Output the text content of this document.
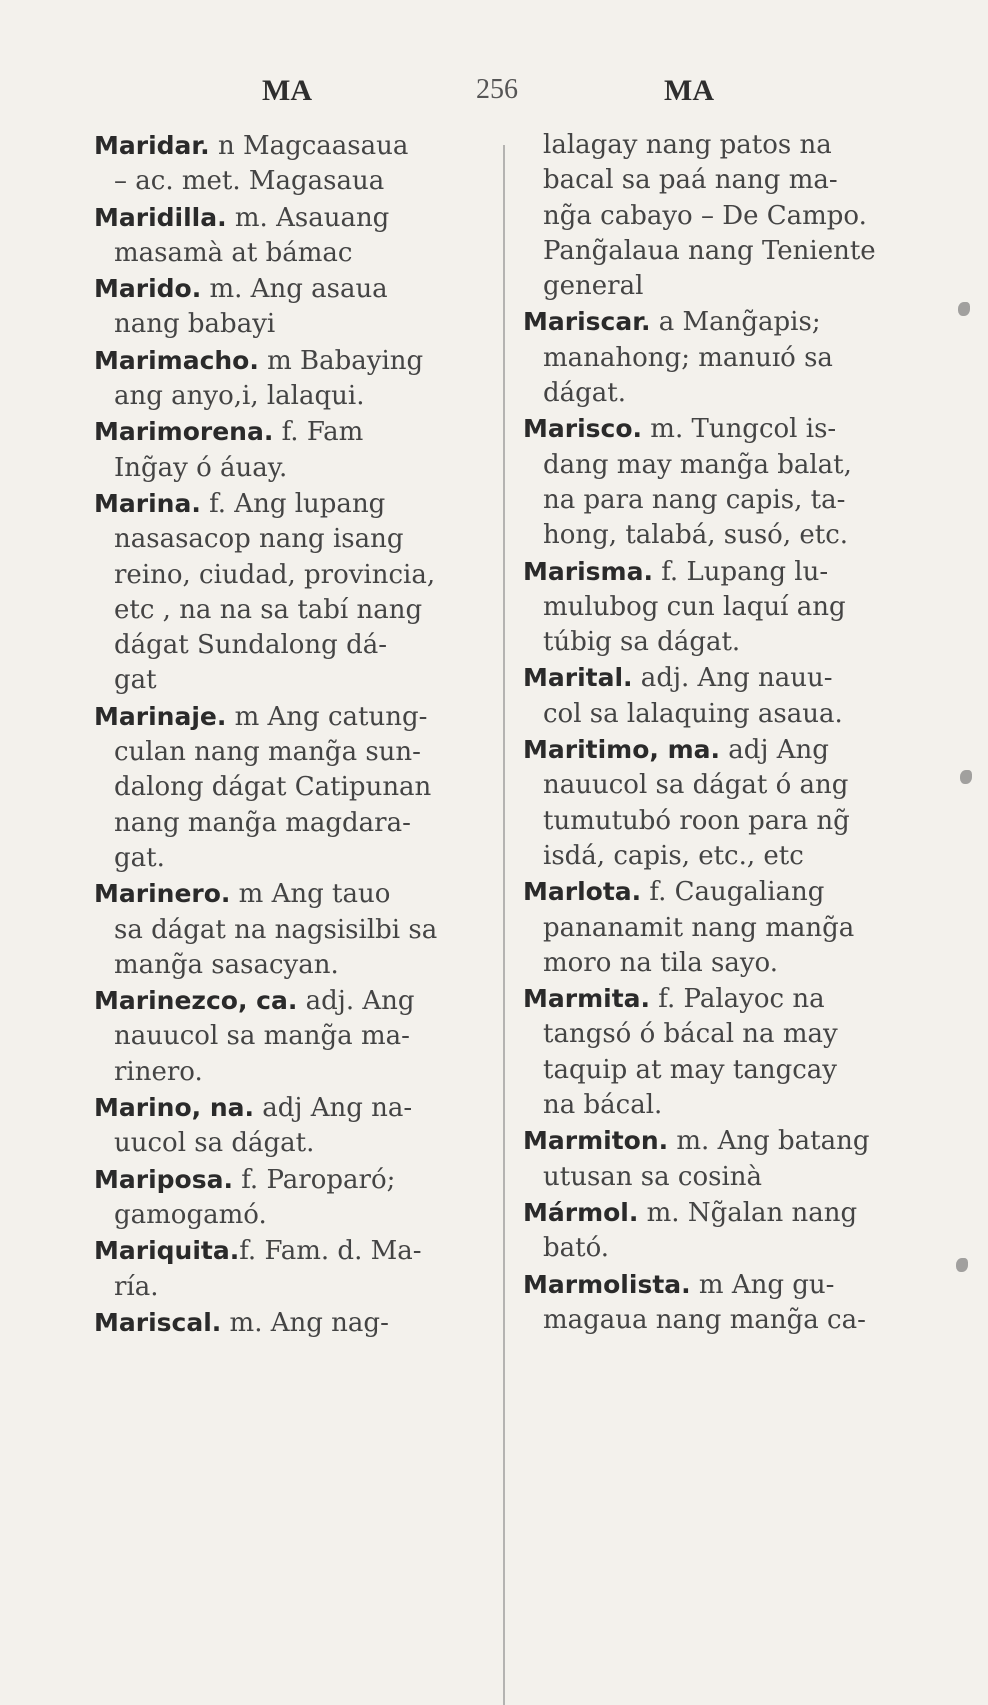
MA	256	MA
Maridar. n Magcaasaua
– ac. met. Magasaua
Maridilla. m. Asauang
masamà at bámac
Marido. m. Ang asaua
nang babayi
Marimacho. m Babaying
ang anyo,i, lalaqui.
Marimorena. f. Fam
Ing̃ay ó áuay.
Marina. f. Ang lupang
nasasacop nang isang
reino, ciudad, provincia,
etc , na na sa tabí nang
dágat Sundalong dá-
gat
Marinaje. m Ang catung-
culan nang mang̃a sun-
dalong dágat Catipunan
nang mang̃a magdara-
gat.
Marinero. m Ang tauo
sa dágat na nagsisilbi sa
mang̃a sasacyan.
Marinezco, ca. adj. Ang
nauucol sa mang̃a ma-
rinero.
Marino, na. adj Ang na-
uucol sa dágat.
Mariposa. f. Paroparó;
gamogamó.
Mariquita.f. Fam. d. Ma-
ría.
Mariscal. m. Ang nag-
lalagay nang patos na
bacal sa paá nang ma-
ng̃a cabayo – De Campo.
Pang̃alaua nang Teniente
general
Mariscar. a Mang̃apis;
manahong; manuɪó sa
dágat.
Marisco. m. Tungcol is-
dang may mang̃a balat,
na para nang capis, ta-
hong, talabá, susó, etc.
Marisma. f. Lupang lu-
mulubog cun laquí ang
túbig sa dágat.
Marital. adj. Ang nauu-
col sa lalaquing asaua.
Maritimo, ma. adj Ang
nauucol sa dágat ó ang
tumutubó roon para ng̃
isdá, capis, etc., etc
Marlota. f. Caugaliang
pananamit nang mang̃a
moro na tila sayo.
Marmita. f. Palayoc na
tangsó ó bácal na may
taquip at may tangcay
na bácal.
Marmiton. m. Ang batang
utusan sa cosinà
Mármol. m. Ng̃alan nang
bató.
Marmolista. m Ang gu-
magaua nang mang̃a ca-
